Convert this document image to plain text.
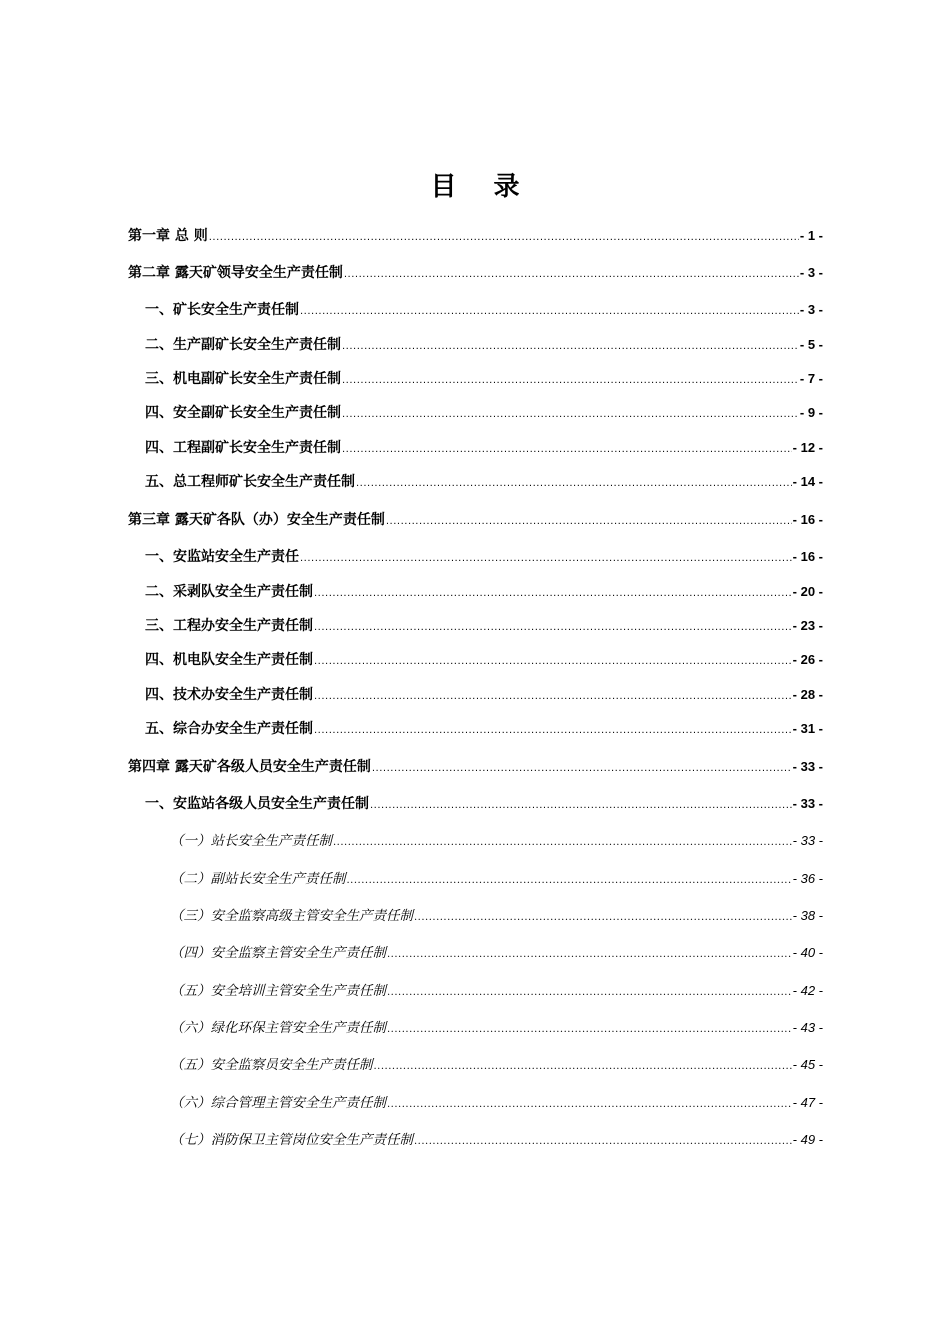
目 录
第一章 总 则 .....	- 1 -
第二章 露天矿领导安全生产责任制 .....	- 3 -
一、矿长安全生产责任制 .....	- 3 -
二、生产副矿长安全生产责任制 .....	- 5 -
三、机电副矿长安全生产责任制 .....	- 7 -
四、安全副矿长安全生产责任制 .....	- 9 -
四、工程副矿长安全生产责任制 .....	- 12 -
五、总工程师矿长安全生产责任制 .....	- 14 -
第三章 露天矿各队（办）安全生产责任制 .....	- 16 -
一、安监站安全生产责任 .....	- 16 -
二、采剥队安全生产责任制 .....	- 20 -
三、工程办安全生产责任制 .....	- 23 -
四、机电队安全生产责任制 .....	- 26 -
四、技术办安全生产责任制 .....	- 28 -
五、综合办安全生产责任制 .....	- 31 -
第四章 露天矿各级人员安全生产责任制 .....	- 33 -
一、安监站各级人员安全生产责任制 .....	- 33 -
（一）站长安全生产责任制 .....	- 33 -
（二）副站长安全生产责任制 .....	- 36 -
（三）安全监察高级主管安全生产责任制 .....	- 38 -
（四）安全监察主管安全生产责任制 .....	- 40 -
（五）安全培训主管安全生产责任制 .....	- 42 -
（六）绿化环保主管安全生产责任制 .....	- 43 -
（五）安全监察员安全生产责任制 .....	- 45 -
（六）综合管理主管安全生产责任制 .....	- 47 -
（七）消防保卫主管岗位安全生产责任制 .....	- 49 -
